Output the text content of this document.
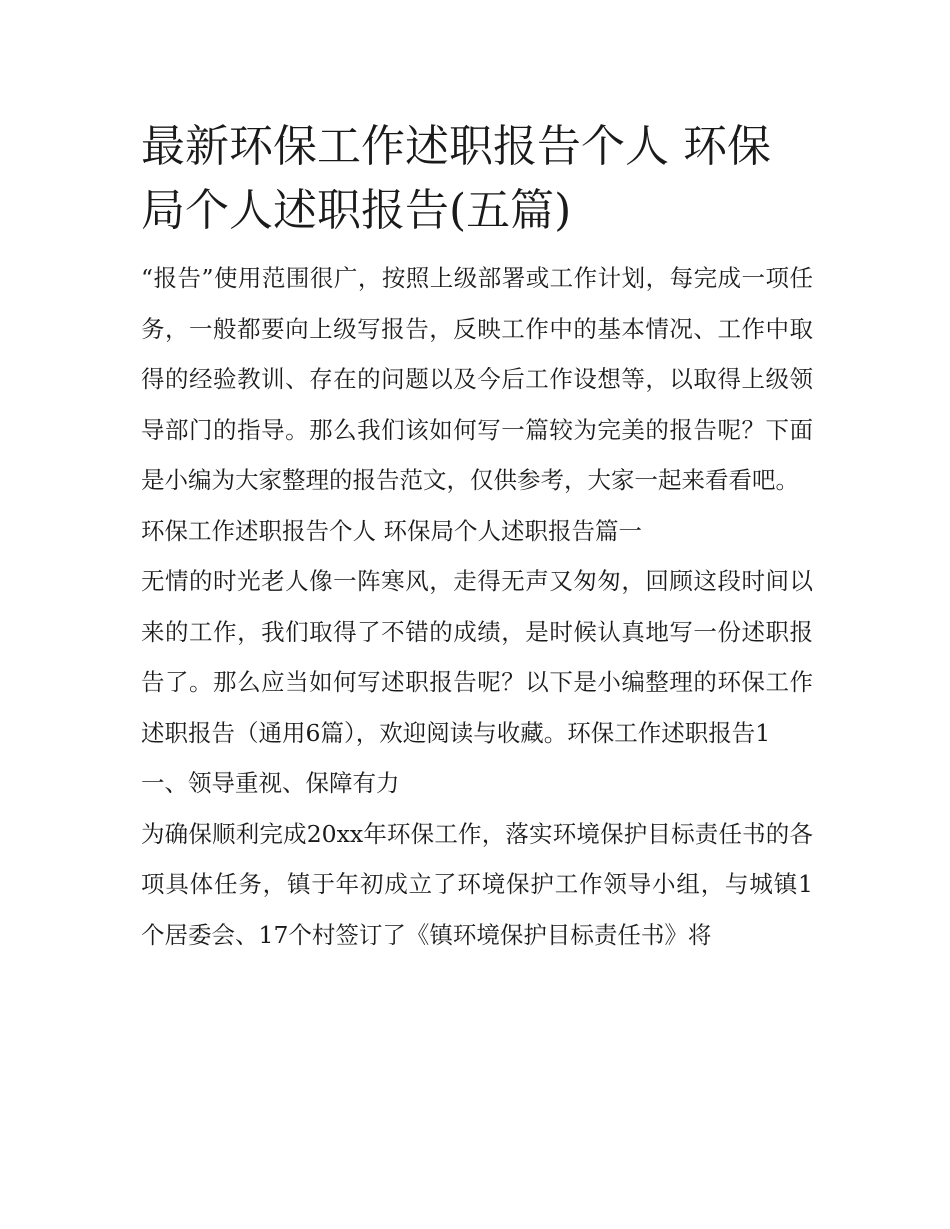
最新环保工作述职报告个人 环保局个人述职报告(五篇)

“报告”使用范围很广，按照上级部署或工作计划，每完成一项任务，一般都要向上级写报告，反映工作中的基本情况、工作中取得的经验教训、存在的问题以及今后工作设想等，以取得上级领导部门的指导。那么我们该如何写一篇较为完美的报告呢？下面是小编为大家整理的报告范文，仅供参考，大家一起来看看吧。

环保工作述职报告个人 环保局个人述职报告篇一

无情的时光老人像一阵寒风，走得无声又匆匆，回顾这段时间以来的工作，我们取得了不错的成绩，是时候认真地写一份述职报告了。那么应当如何写述职报告呢？以下是小编整理的环保工作述职报告（通用6篇），欢迎阅读与收藏。环保工作述职报告1

一、领导重视、保障有力

为确保顺利完成20xx年环保工作，落实环境保护目标责任书的各项具体任务，镇于年初成立了环境保护工作领导小组，与城镇1个居委会、17个村签订了《镇环境保护目标责任书》将
